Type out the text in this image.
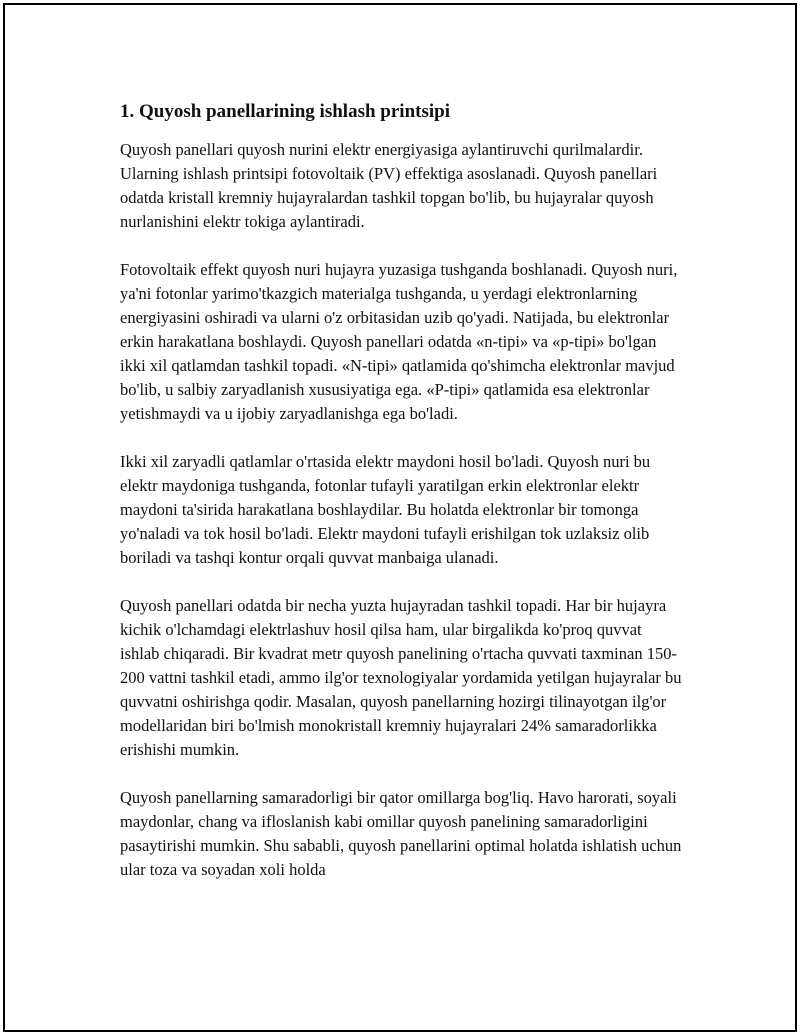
1. Quyosh panellarining ishlash printsipi

Quyosh panellari quyosh nurini elektr energiyasiga aylantiruvchi qurilmalardir. Ularning ishlash printsipi fotovoltaik (PV) effektiga asoslanadi. Quyosh panellari odatda kristall kremniy hujayralardan tashkil topgan bo'lib, bu hujayralar quyosh nurlanishini elektr tokiga aylantiradi.

Fotovoltaik effekt quyosh nuri hujayra yuzasiga tushganda boshlanadi. Quyosh nuri, ya'ni fotonlar yarimo'tkazgich materialga tushganda, u yerdagi elektronlarning energiyasini oshiradi va ularni o'z orbitasidan uzib qo'yadi. Natijada, bu elektronlar erkin harakatlana boshlaydi. Quyosh panellari odatda «n-tipi» va «p-tipi» bo'lgan ikki xil qatlamdan tashkil topadi. «N-tipi» qatlamida qo'shimcha elektronlar mavjud bo'lib, u salbiy zaryadlanish xususiyatiga ega. «P-tipi» qatlamida esa elektronlar yetishmaydi va u ijobiy zaryadlanishga ega bo'ladi.

Ikki xil zaryadli qatlamlar o'rtasida elektr maydoni hosil bo'ladi. Quyosh nuri bu elektr maydoniga tushganda, fotonlar tufayli yaratilgan erkin elektronlar elektr maydoni ta'sirida harakatlana boshlaydilar. Bu holatda elektronlar bir tomonga yo'naladi va tok hosil bo'ladi. Elektr maydoni tufayli erishilgan tok uzlaksiz olib boriladi va tashqi kontur orqali quvvat manbaiga ulanadi.

Quyosh panellari odatda bir necha yuzta hujayradan tashkil topadi. Har bir hujayra kichik o'lchamdagi elektrlashuv hosil qilsa ham, ular birgalikda ko'proq quvvat ishlab chiqaradi. Bir kvadrat metr quyosh panelining o'rtacha quvvati taxminan 150-200 vattni tashkil etadi, ammo ilg'or texnologiyalar yordamida yetilgan hujayralar bu quvvatni oshirishga qodir. Masalan, quyosh panellarning hozirgi tilinayotgan ilg'or modellaridan biri bo'lmish monokristall kremniy hujayralari 24% samaradorlikka erishishi mumkin.

Quyosh panellarning samaradorligi bir qator omillarga bog'liq. Havo harorati, soyali maydonlar, chang va ifloslanish kabi omillar quyosh panelining samaradorligini pasaytirishi mumkin. Shu sababli, quyosh panellarini optimal holatda ishlatish uchun ular toza va soyadan xoli holda
